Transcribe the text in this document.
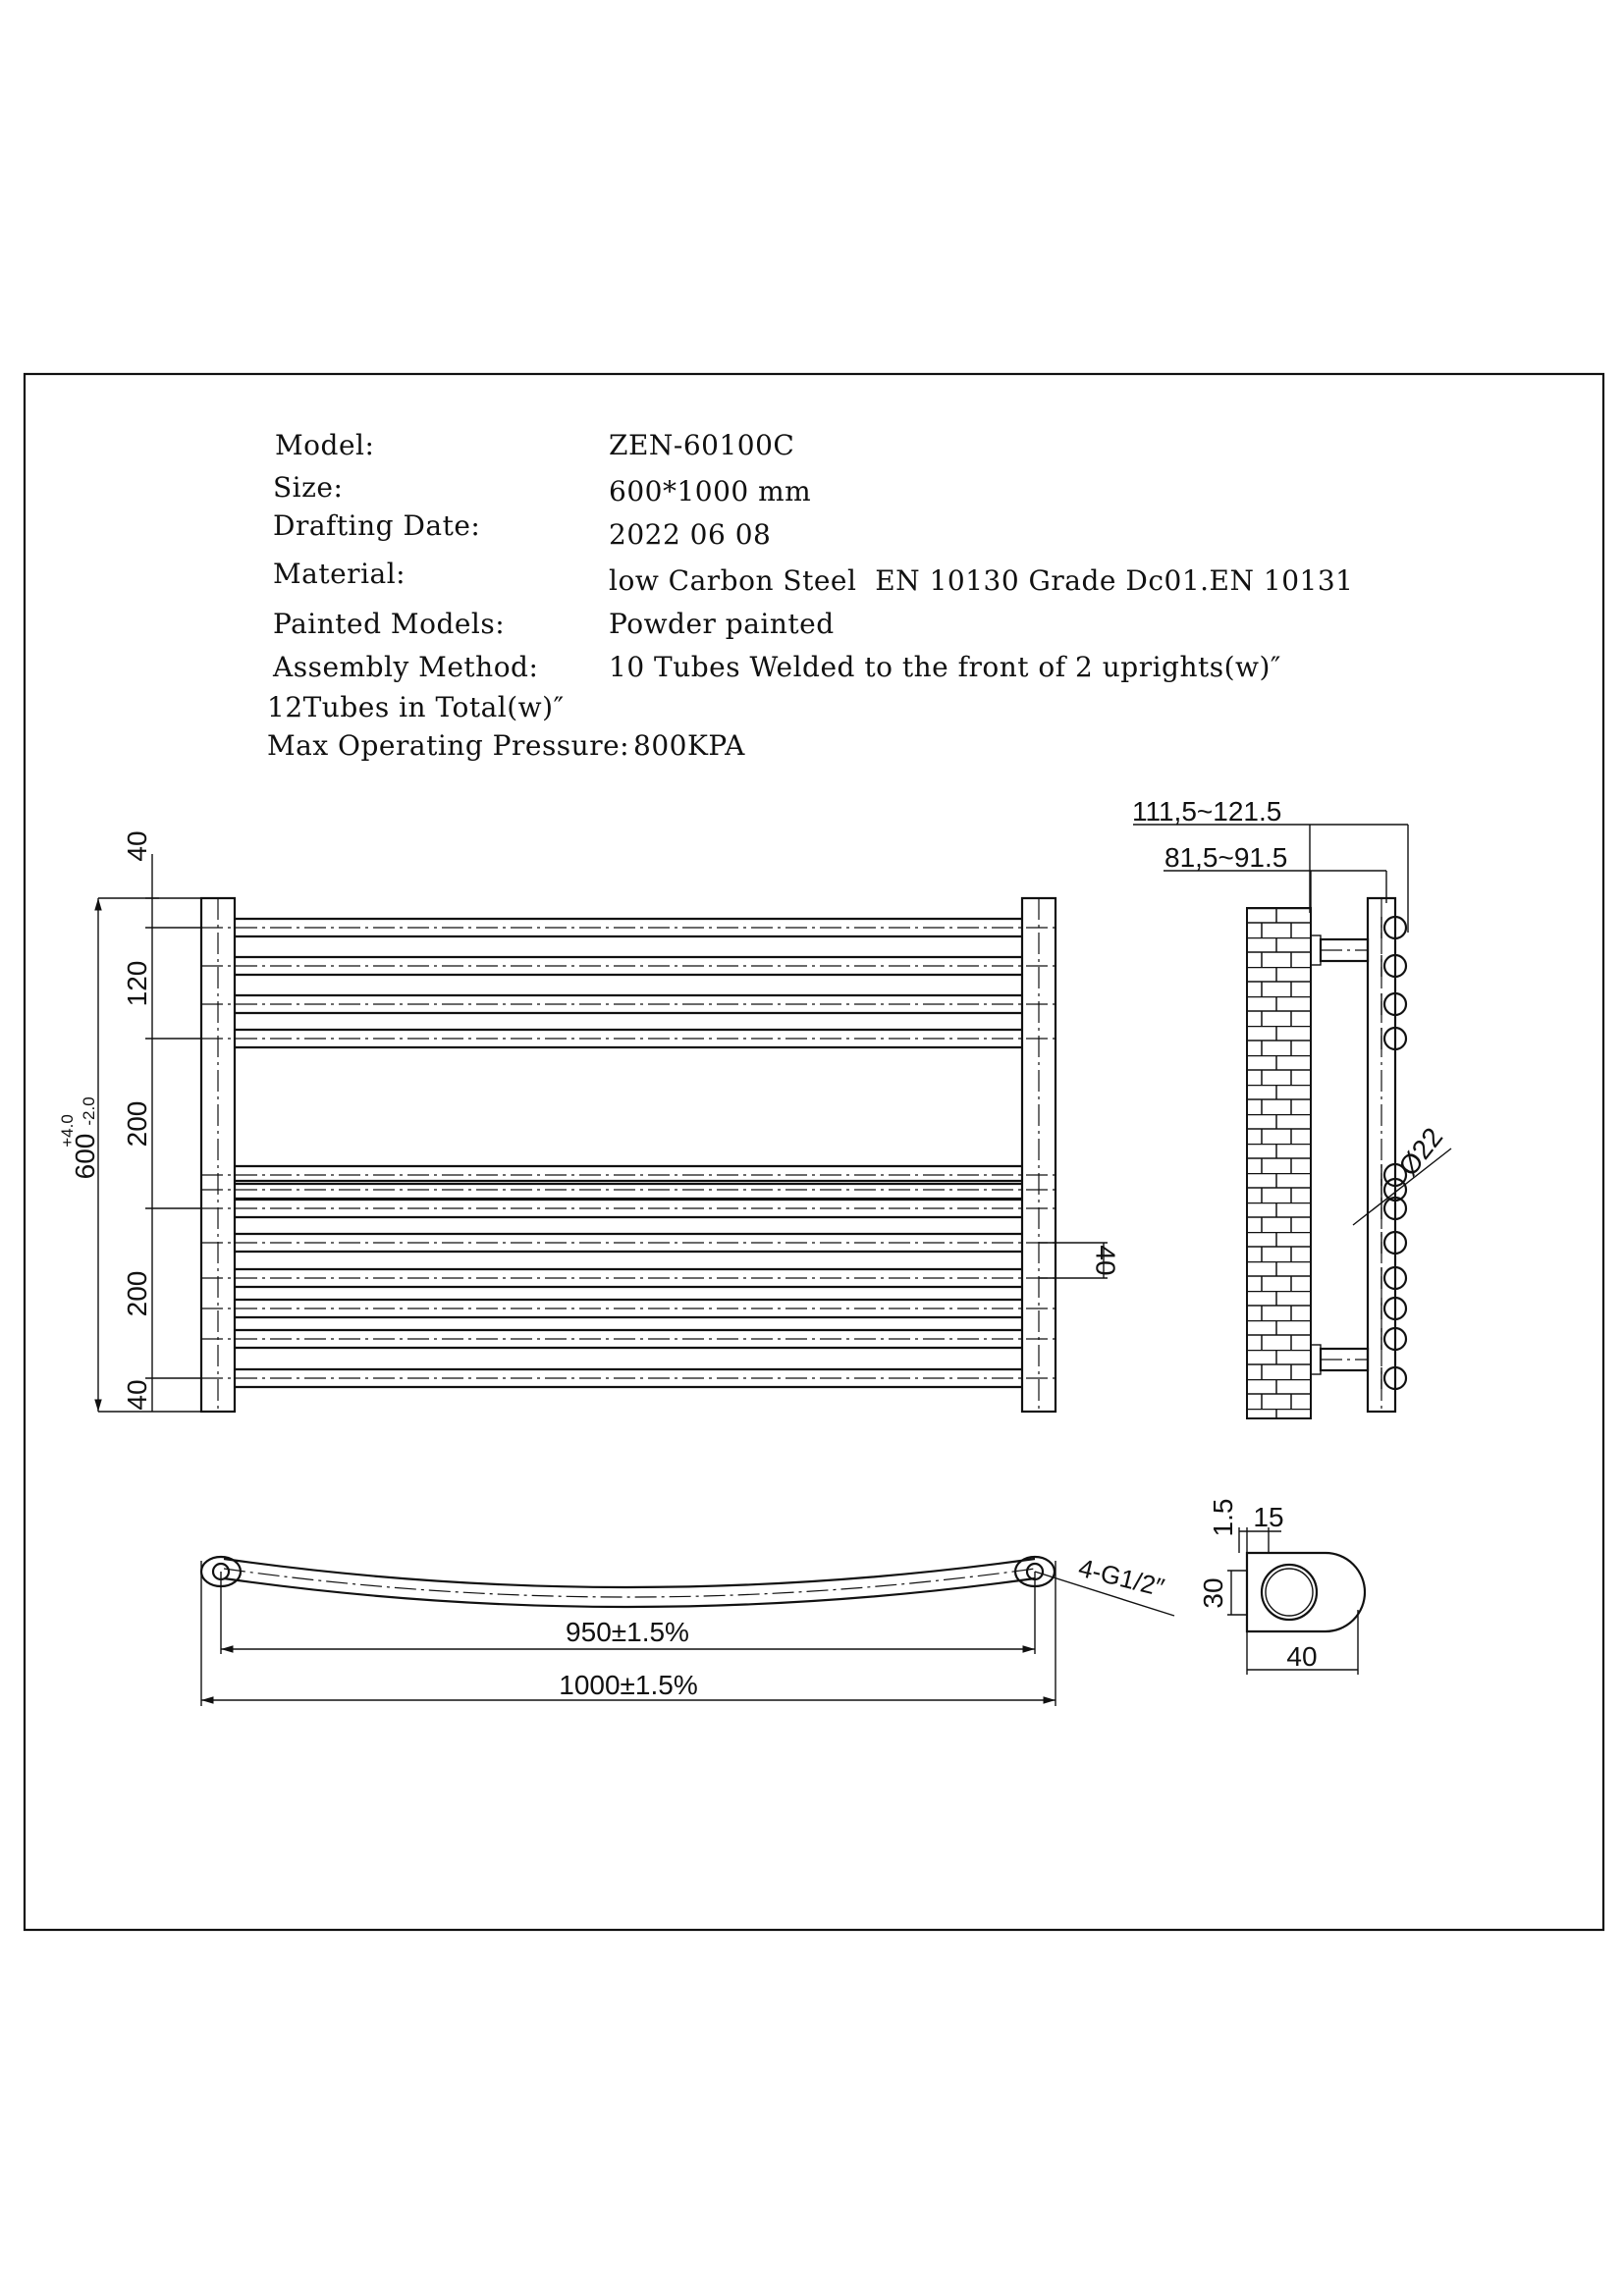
Model:	ZEN-60100C
Size:	600*1000 mm
Drafting Date:	2022 06 08
Material:	low Carbon Steel  EN 10130 Grade Dc01.EN 10131
Painted Models:	Powder painted
Assembly Method:	10 Tubes Welded to the front of 2 uprights(w)″
12Tubes in Total(w)″
Max Operating Pressure: 800KPA
600
+4.0
-2.0
40
120
200
200
40
40
111,5~121.5
81,5~91.5
Ø22
950±1.5%
1000±1.5%
4-G1/2″
15
1.5
30
40
